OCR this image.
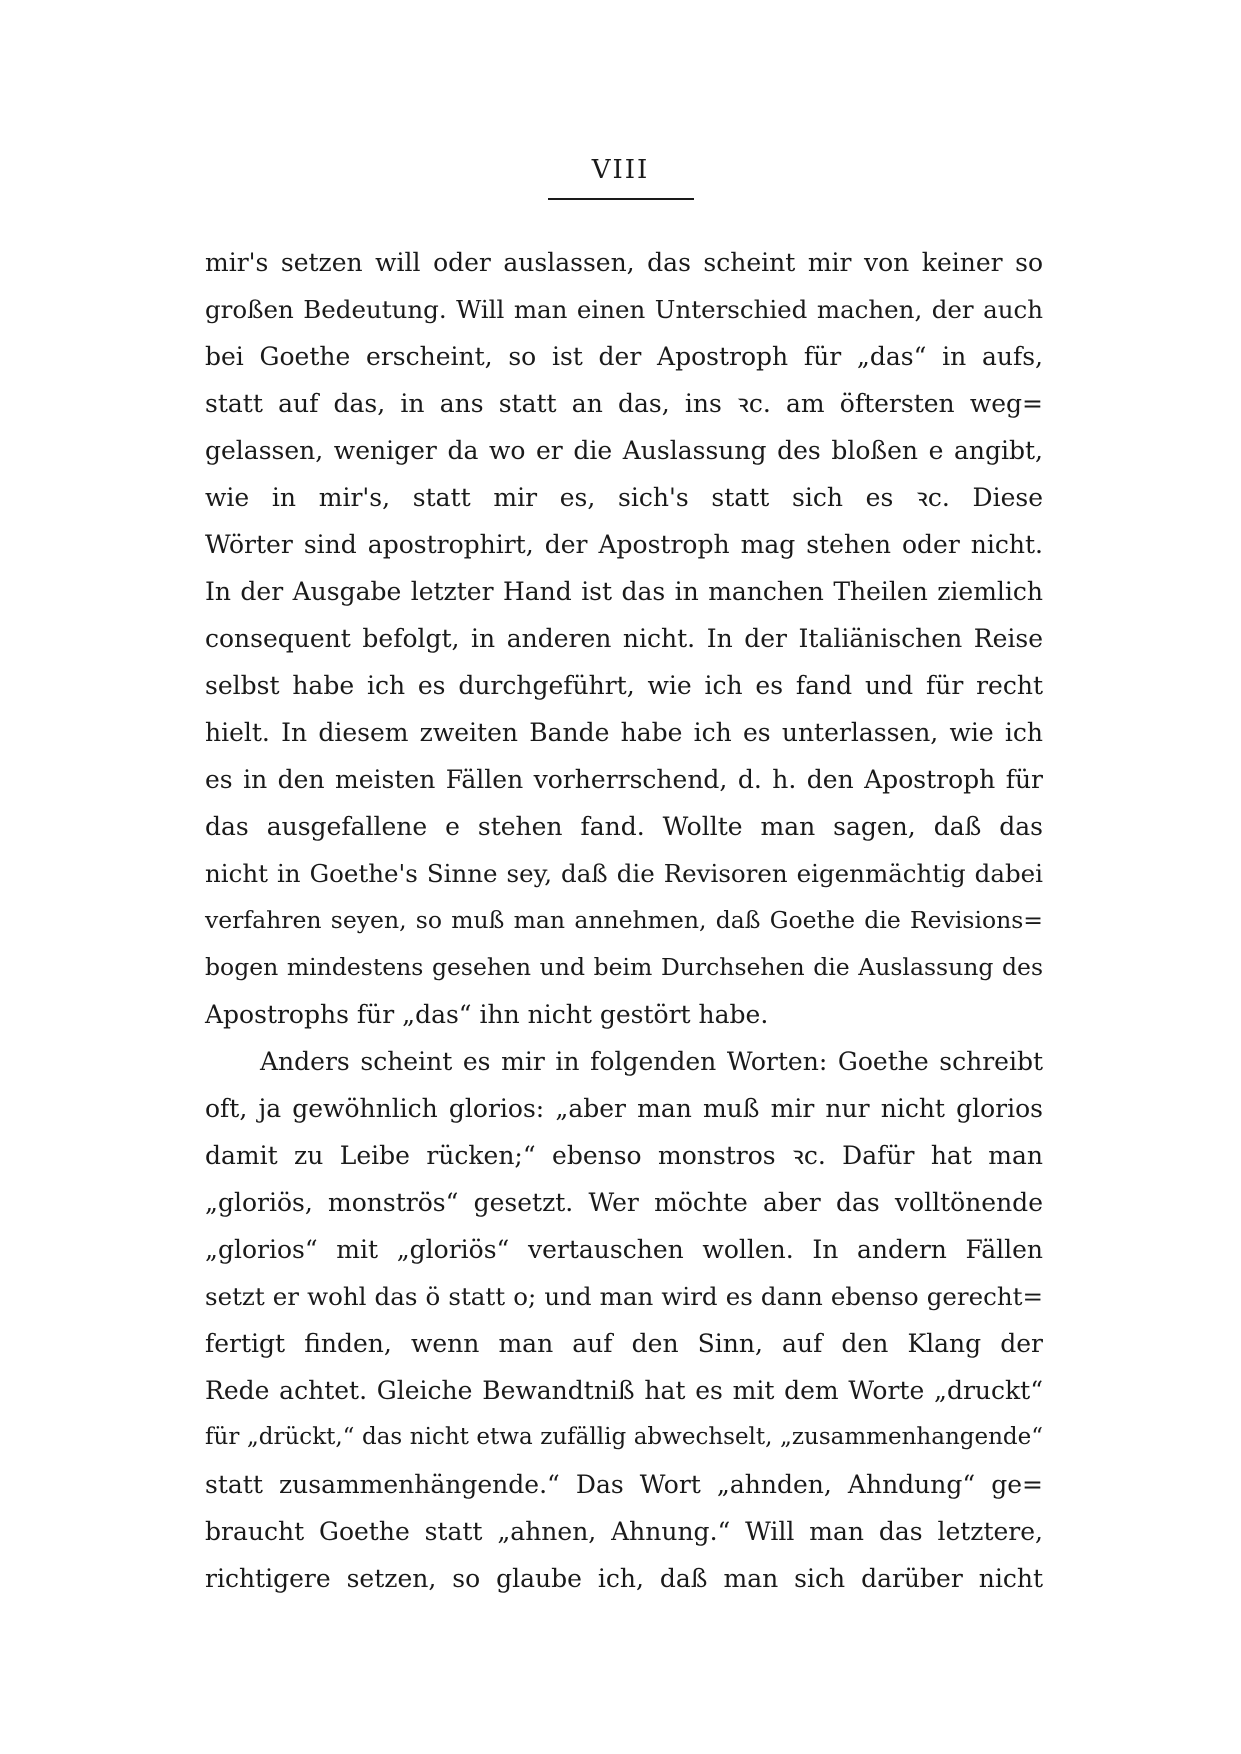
VIII
mir's setzen will oder auslassen, das scheint mir von keiner so
großen Bedeutung. Will man einen Unterschied machen, der auch
bei Goethe erscheint, so ist der Apostroph für „das“ in aufs,
statt auf das, in ans statt an das, ins ꝛc. am öftersten weg=
gelassen, weniger da wo er die Auslassung des bloßen e angibt,
wie in mir's, statt mir es, sich's statt sich es ꝛc. Diese
Wörter sind apostrophirt, der Apostroph mag stehen oder nicht.
In der Ausgabe letzter Hand ist das in manchen Theilen ziemlich
consequent befolgt, in anderen nicht. In der Italiänischen Reise
selbst habe ich es durchgeführt, wie ich es fand und für recht
hielt. In diesem zweiten Bande habe ich es unterlassen, wie ich
es in den meisten Fällen vorherrschend, d. h. den Apostroph für
das ausgefallene e stehen fand. Wollte man sagen, daß das
nicht in Goethe's Sinne sey, daß die Revisoren eigenmächtig dabei
verfahren seyen, so muß man annehmen, daß Goethe die Revisions=
bogen mindestens gesehen und beim Durchsehen die Auslassung des
Apostrophs für „das“ ihn nicht gestört habe.
Anders scheint es mir in folgenden Worten: Goethe schreibt
oft, ja gewöhnlich glorios: „aber man muß mir nur nicht glorios
damit zu Leibe rücken;“ ebenso monstros ꝛc. Dafür hat man
„gloriös, monströs“ gesetzt. Wer möchte aber das volltönende
„glorios“ mit „gloriös“ vertauschen wollen. In andern Fällen
setzt er wohl das ö statt o; und man wird es dann ebenso gerecht=
fertigt finden, wenn man auf den Sinn, auf den Klang der
Rede achtet. Gleiche Bewandtniß hat es mit dem Worte „druckt“
für „drückt,“ das nicht etwa zufällig abwechselt, „zusammenhangende“
statt zusammenhängende.“ Das Wort „ahnden, Ahndung“ ge=
braucht Goethe statt „ahnen, Ahnung.“ Will man das letztere,
richtigere setzen, so glaube ich, daß man sich darüber nicht
